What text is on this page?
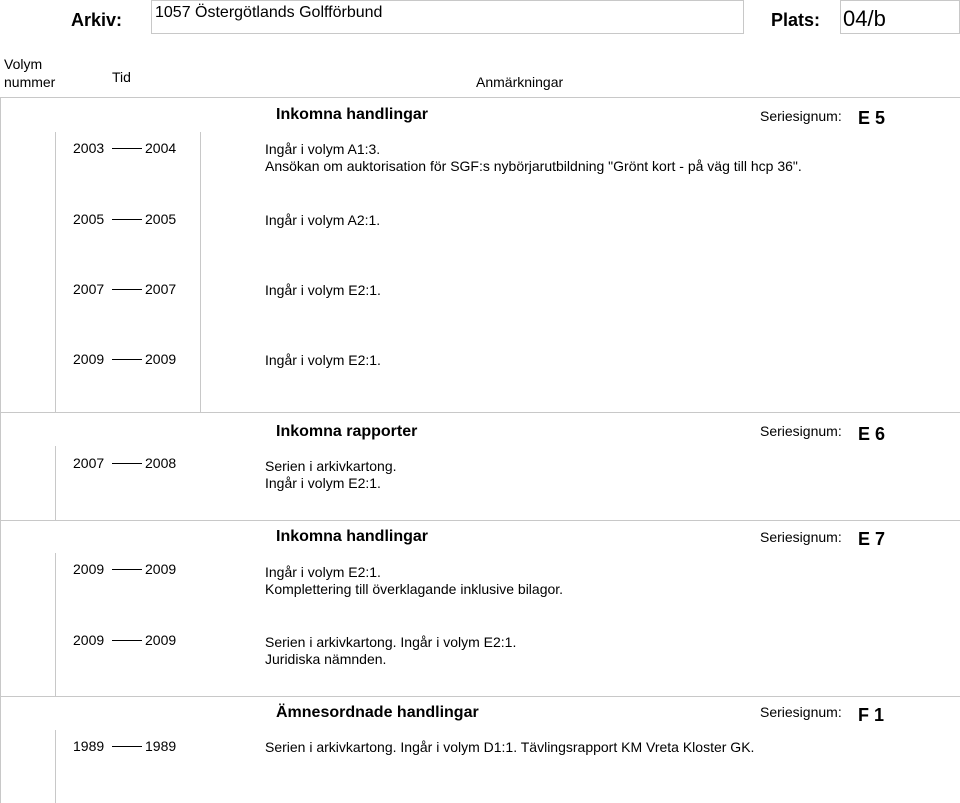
Arkiv: 1057 Östergötlands Golfförbund	Plats: 04/b
Volym
nummer	Tid	Anmärkningar
Inkomna handlingar	Seriesignum: E 5
2003	2004	Ingår i volym A1:3.
Ansökan om auktorisation för SGF:s nybörjarutbildning "Grönt kort - på väg till hcp 36".
2005	2005	Ingår i volym A2:1.
2007	2007	Ingår i volym E2:1.
2009	2009	Ingår i volym E2:1.
Inkomna rapporter	Seriesignum: E 6
2007	2008	Serien i arkivkartong.
Ingår i volym E2:1.
Inkomna handlingar	Seriesignum: E 7
2009	2009	Ingår i volym E2:1.
Komplettering till överklagande inklusive bilagor.
2009	2009	Serien i arkivkartong. Ingår i volym E2:1.
Juridiska nämnden.
Ämnesordnade handlingar	Seriesignum: F 1
1989	1989	Serien i arkivkartong. Ingår i volym D1:1. Tävlingsrapport KM Vreta Kloster GK.
